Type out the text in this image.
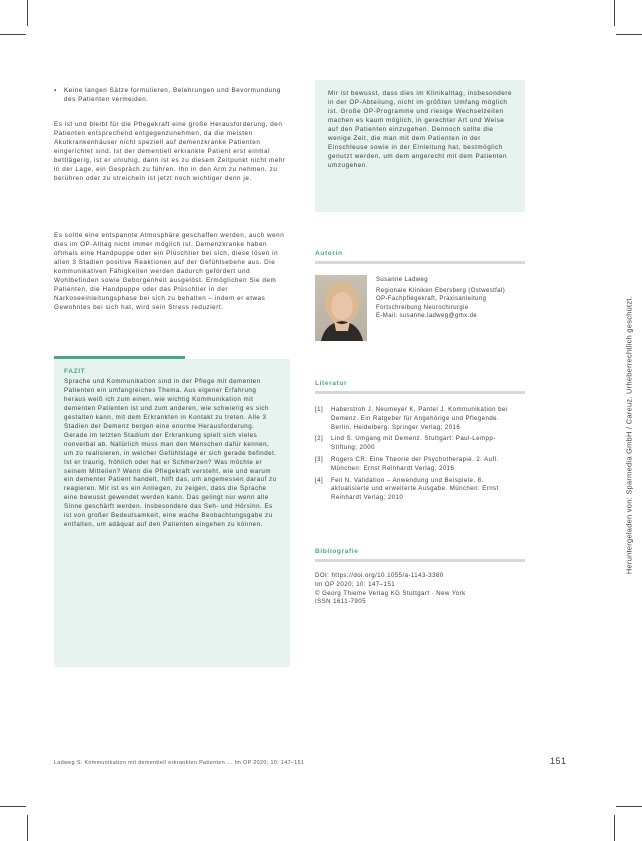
▪	Keine langen Sätze formulieren, Belehrungen und Bevormundung des Patienten vermeiden.

Es ist und bleibt für die Pflegekraft eine große Herausforderung, den Patienten entsprechend entgegenzunehmen, da die meisten Akutkrankenhäuser nicht speziell auf demenzkranke Patienten eingerichtet sind. Ist der dementiell erkrankte Patient erst einmal bettlägerig, ist er unruhig, dann ist es zu diesem Zeitpunkt nicht mehr in der Lage, ein Gespräch zu führen. Ihn in den Arm zu nehmen, zu berühren oder zu streicheln ist jetzt noch wichtiger denn je.

Es sollte eine entspannte Atmosphäre geschaffen werden, auch wenn dies im OP-Alltag nicht immer möglich ist. Demenzkranke haben oftmals eine Handpuppe oder ein Plüschtier bei sich, diese lösen in allen 3 Stadien positive Reaktionen auf der Gefühlsebene aus. Die kommunikativen Fähigkeiten werden dadurch gefördert und Wohlbefinden sowie Geborgenheit ausgelöst. Ermöglichen Sie dem Patienten, die Handpuppe oder das Plüschtier in der Narkoseeinleitungsphase bei sich zu behalten – indem er etwas Gewohntes bei sich hat, wird sein Stress reduziert.

FAZIT

Sprache und Kommunikation sind in der Pflege mit dementen Patienten ein umfangreiches Thema. Aus eigener Erfahrung heraus weiß ich zum einen, wie wichtig Kommunikation mit dementen Patienten ist und zum anderen, wie schwierig es sich gestalten kann, mit dem Erkrankten in Kontakt zu treten. Alle 3 Stadien der Demenz bergen eine enorme Herausforderung. Gerade im letzten Stadium der Erkrankung spielt sich vieles nonverbal ab. Natürlich muss man den Menschen dafür kennen, um zu realisieren, in welcher Gefühlslage er sich gerade befindet. Ist er traurig, fröhlich oder hat er Schmerzen? Was möchte er seinem Mitteilen? Wenn die Pflegekraft versteht, wie und warum ein dementer Patient handelt, hilft das, um angemessen darauf zu reagieren. Mir ist es ein Anliegen, zu zeigen, dass die Sprache eine bewusst gewendet werden kann. Das gelingt nur wenn alle Sinne geschärft werden. Insbesondere das Seh- und Hörsinn. Es ist von großer Bedeutsamkeit, eine wache Beobachtungsgabe zu entfalten, um adäquat auf den Patienten eingehen zu können.

Mir ist bewusst, dass dies im Klinikalltag, insbesondere in der OP-Abteilung, nicht im größten Umfang möglich ist. Große OP-Programme und riesige Wechselzeiten machen es kaum möglich, in gerechter Art und Weise auf den Patienten einzugehen. Dennoch sollte die wenige Zeit, die man mit dem Patienten in der Einschleuse sowie in der Einleitung hat, bestmöglich genutzt werden, um dem angerecht mit dem Patienten umzugehen.

Autorin
Susanne Ladweg
Regionale Kliniken Ebersberg (Ostwestfal)
OP-Fachpflegekraft, Praxisanleitung
Fortschreibung Neurochirurgie
E-Mail: susanne.ladweg@gmx.de
Literatur
[1]	Haberstroh J, Neumeyer K, Pantel J. Kommunikation bei Demenz. Ein Ratgeber für Angehörige und Pflegende. Berlin, Heidelberg: Springer Verlag; 2016
[2]	Lind S. Umgang mit Demenz. Stuttgart: Paul-Lempp-Stiftung; 2000
[3]	Rogers CR. Eine Theorie der Psychotherapie. 2. Aufl. München: Ernst Reinhardt Verlag; 2016
[4]	Feil N. Validation – Anwendung und Beispiele. 8. aktualisierte und erweiterte Ausgabe. München: Ernst Reinhardt Verlag; 2010
Bibliografie
DOI: https://doi.org/10.1055/a-1143-3360
Im OP 2020; 10: 147–151
© Georg Thieme Verlag KG Stuttgart · New York
ISSN 1611-7905
Heruntergeladen von: Sparmedia GmbH / Careuz. Urheberrechtlich geschützt.
Ladweg S. Kommunikation mit dementiell erkrankten Patienten … Im OP 2020; 10: 147–151	151
